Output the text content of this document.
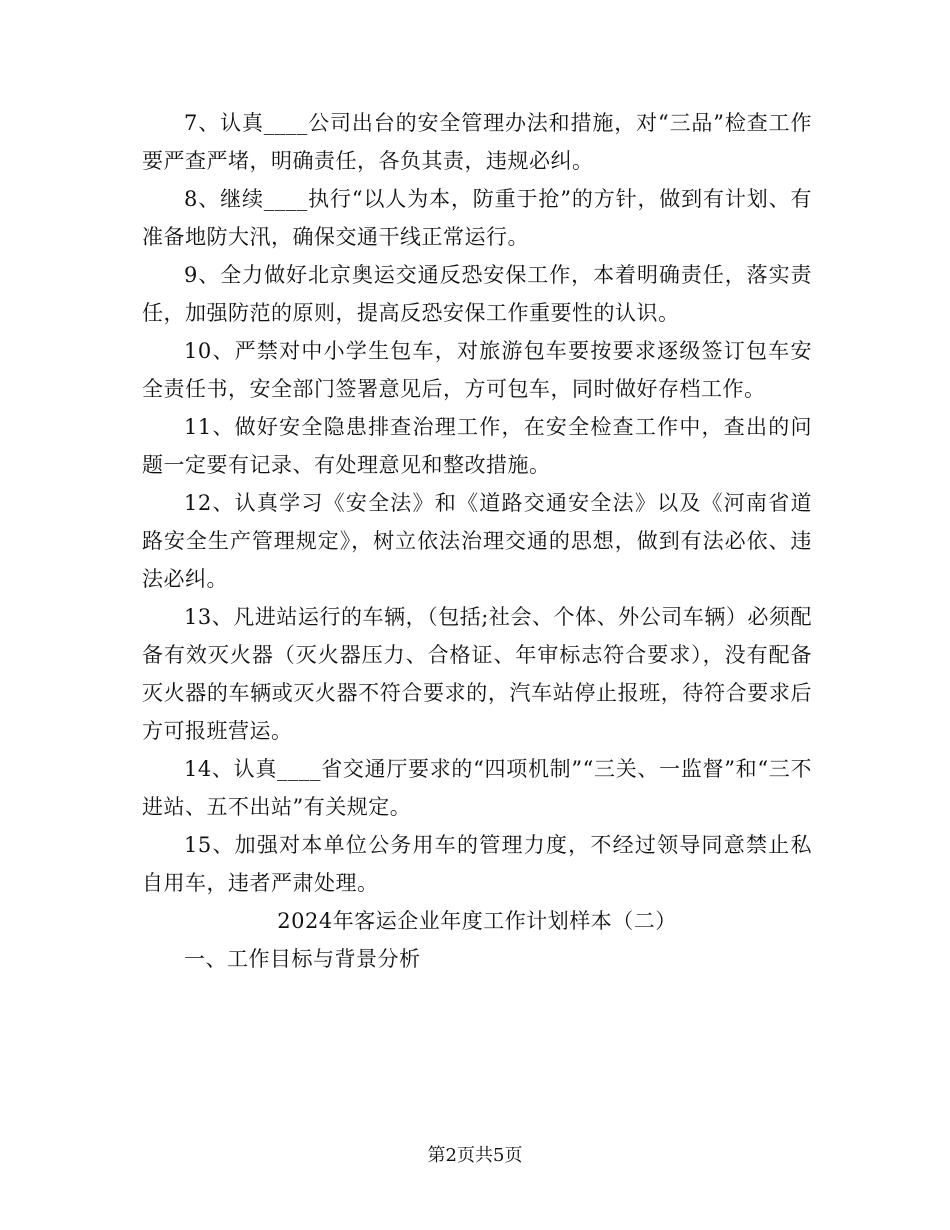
7、认真____公司出台的安全管理办法和措施，对“三品”检查工作要严查严堵，明确责任，各负其责，违规必纠。

8、继续____执行“以人为本，防重于抢”的方针，做到有计划、有准备地防大汛，确保交通干线正常运行。

9、全力做好北京奥运交通反恐安保工作，本着明确责任，落实责任，加强防范的原则，提高反恐安保工作重要性的认识。

10、严禁对中小学生包车，对旅游包车要按要求逐级签订包车安全责任书，安全部门签署意见后，方可包车，同时做好存档工作。

11、做好安全隐患排查治理工作，在安全检查工作中，查出的问题一定要有记录、有处理意见和整改措施。

12、认真学习《安全法》和《道路交通安全法》以及《河南省道路安全生产管理规定》，树立依法治理交通的思想，做到有法必依、违法必纠。

13、凡进站运行的车辆，（包括;社会、个体、外公司车辆）必须配备有效灭火器（灭火器压力、合格证、年审标志符合要求），没有配备灭火器的车辆或灭火器不符合要求的，汽车站停止报班，待符合要求后方可报班营运。

14、认真____省交通厅要求的“四项机制”“三关、一监督”和“三不进站、五不出站”有关规定。

15、加强对本单位公务用车的管理力度，不经过领导同意禁止私自用车，违者严肃处理。

2024年客运企业年度工作计划样本（二）

一、工作目标与背景分析

第2页共5页
